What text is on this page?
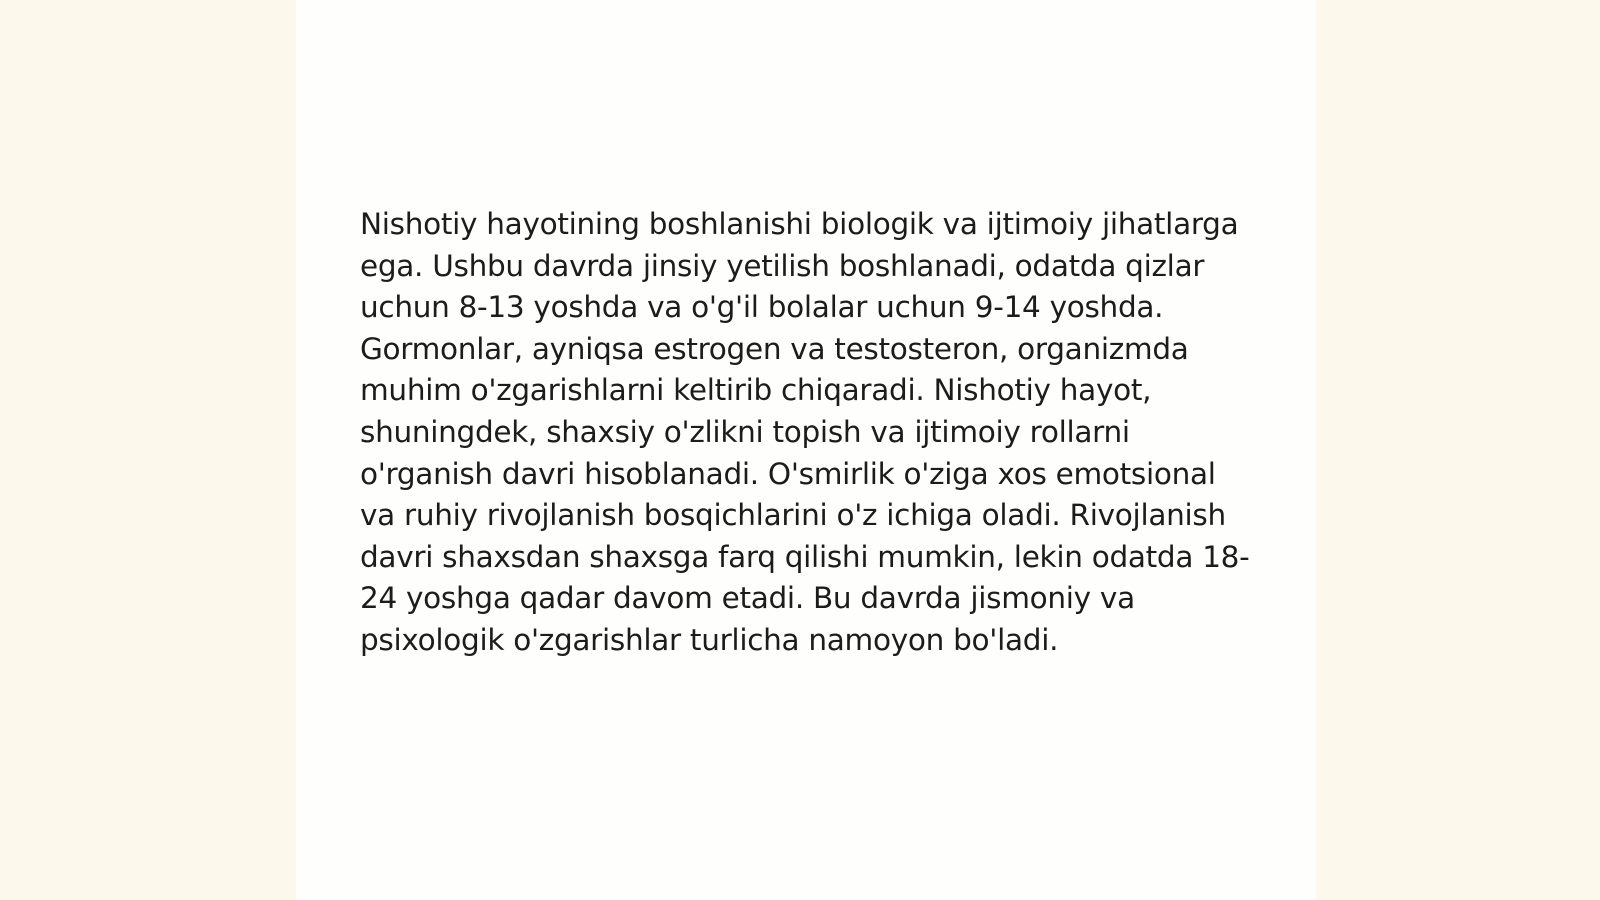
Nishotiy hayotining boshlanishi biologik va ijtimoiy jihatlarga ega. Ushbu davrda jinsiy yetilish boshlanadi, odatda qizlar uchun 8-13 yoshda va o'g'il bolalar uchun 9-14 yoshda. Gormonlar, ayniqsa estrogen va testosteron, organizmda muhim o'zgarishlarni keltirib chiqaradi. Nishotiy hayot, shuningdek, shaxsiy o'zlikni topish va ijtimoiy rollarni o'rganish davri hisoblanadi. O'smirlik o'ziga xos emotsional va ruhiy rivojlanish bosqichlarini o'z ichiga oladi. Rivojlanish davri shaxsdan shaxsga farq qilishi mumkin, lekin odatda 18-24 yoshga qadar davom etadi. Bu davrda jismoniy va psixologik o'zgarishlar turlicha namoyon bo'ladi.
